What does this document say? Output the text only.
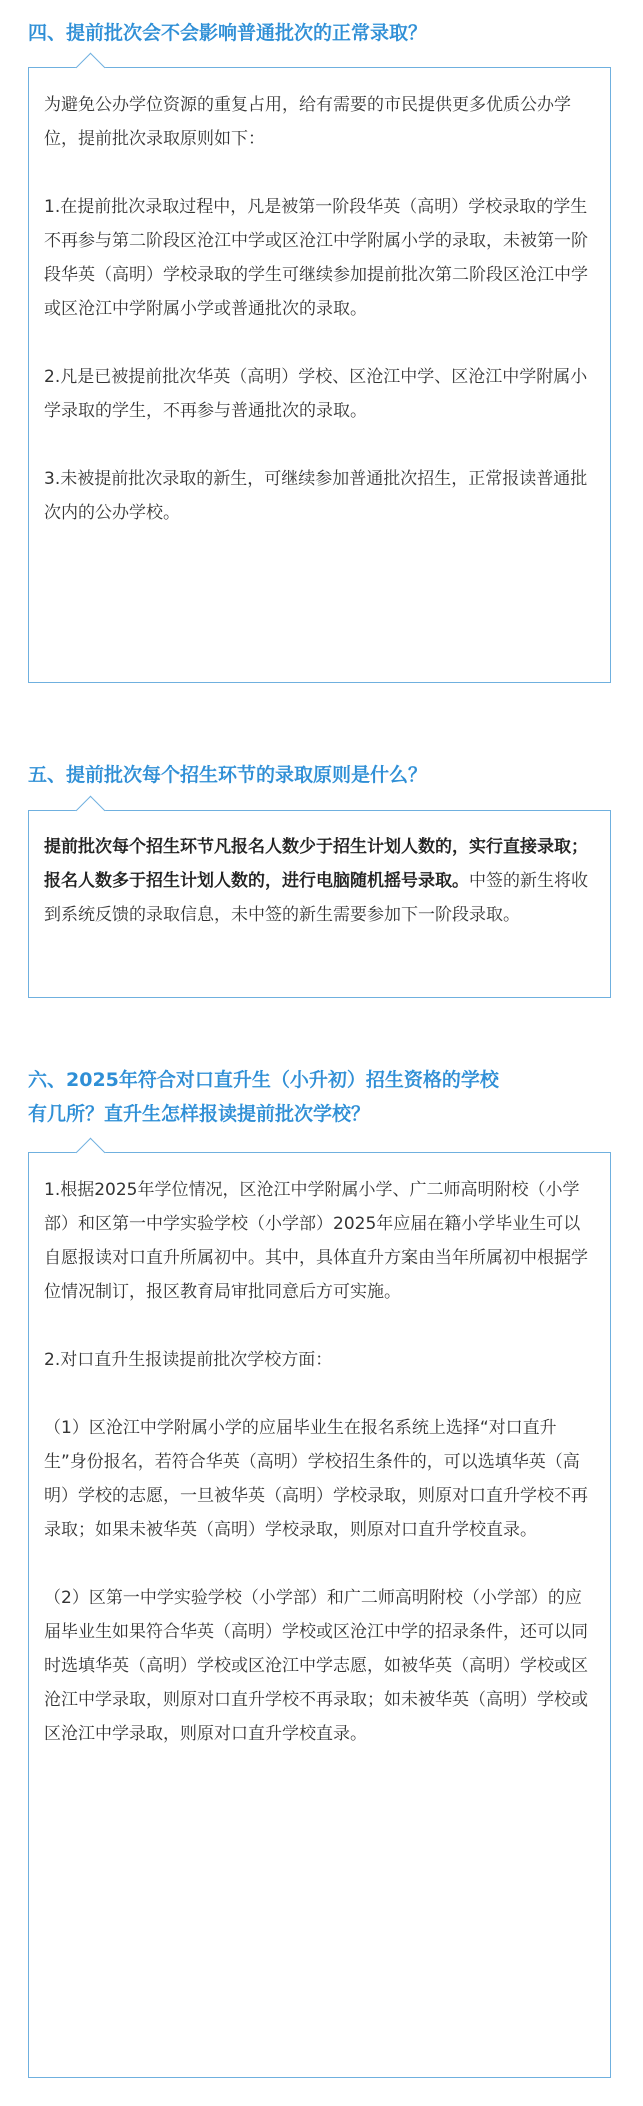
四、提前批次会不会影响普通批次的正常录取？

为避免公办学位资源的重复占用，给有需要的市民提供更多优质公办学位，提前批次录取原则如下：

1.在提前批次录取过程中，凡是被第一阶段华英（高明）学校录取的学生不再参与第二阶段区沧江中学或区沧江中学附属小学的录取，未被第一阶段华英（高明）学校录取的学生可继续参加提前批次第二阶段区沧江中学或区沧江中学附属小学或普通批次的录取。

2.凡是已被提前批次华英（高明）学校、区沧江中学、区沧江中学附属小学录取的学生，不再参与普通批次的录取。

3.未被提前批次录取的新生，可继续参加普通批次招生，正常报读普通批次内的公办学校。

五、提前批次每个招生环节的录取原则是什么？

提前批次每个招生环节凡报名人数少于招生计划人数的，实行直接录取；报名人数多于招生计划人数的，进行电脑随机摇号录取。中签的新生将收到系统反馈的录取信息，未中签的新生需要参加下一阶段录取。

六、2025年符合对口直升生（小升初）招生资格的学校
有几所？直升生怎样报读提前批次学校？

1.根据2025年学位情况，区沧江中学附属小学、广二师高明附校（小学部）和区第一中学实验学校（小学部）2025年应届在籍小学毕业生可以自愿报读对口直升所属初中。其中，具体直升方案由当年所属初中根据学位情况制订，报区教育局审批同意后方可实施。

2.对口直升生报读提前批次学校方面：

（1）区沧江中学附属小学的应届毕业生在报名系统上选择“对口直升生”身份报名，若符合华英（高明）学校招生条件的，可以选填华英（高明）学校的志愿，一旦被华英（高明）学校录取，则原对口直升学校不再录取；如果未被华英（高明）学校录取，则原对口直升学校直录。

（2）区第一中学实验学校（小学部）和广二师高明附校（小学部）的应届毕业生如果符合华英（高明）学校或区沧江中学的招录条件，还可以同时选填华英（高明）学校或区沧江中学志愿，如被华英（高明）学校或区沧江中学录取，则原对口直升学校不再录取；如未被华英（高明）学校或区沧江中学录取，则原对口直升学校直录。
